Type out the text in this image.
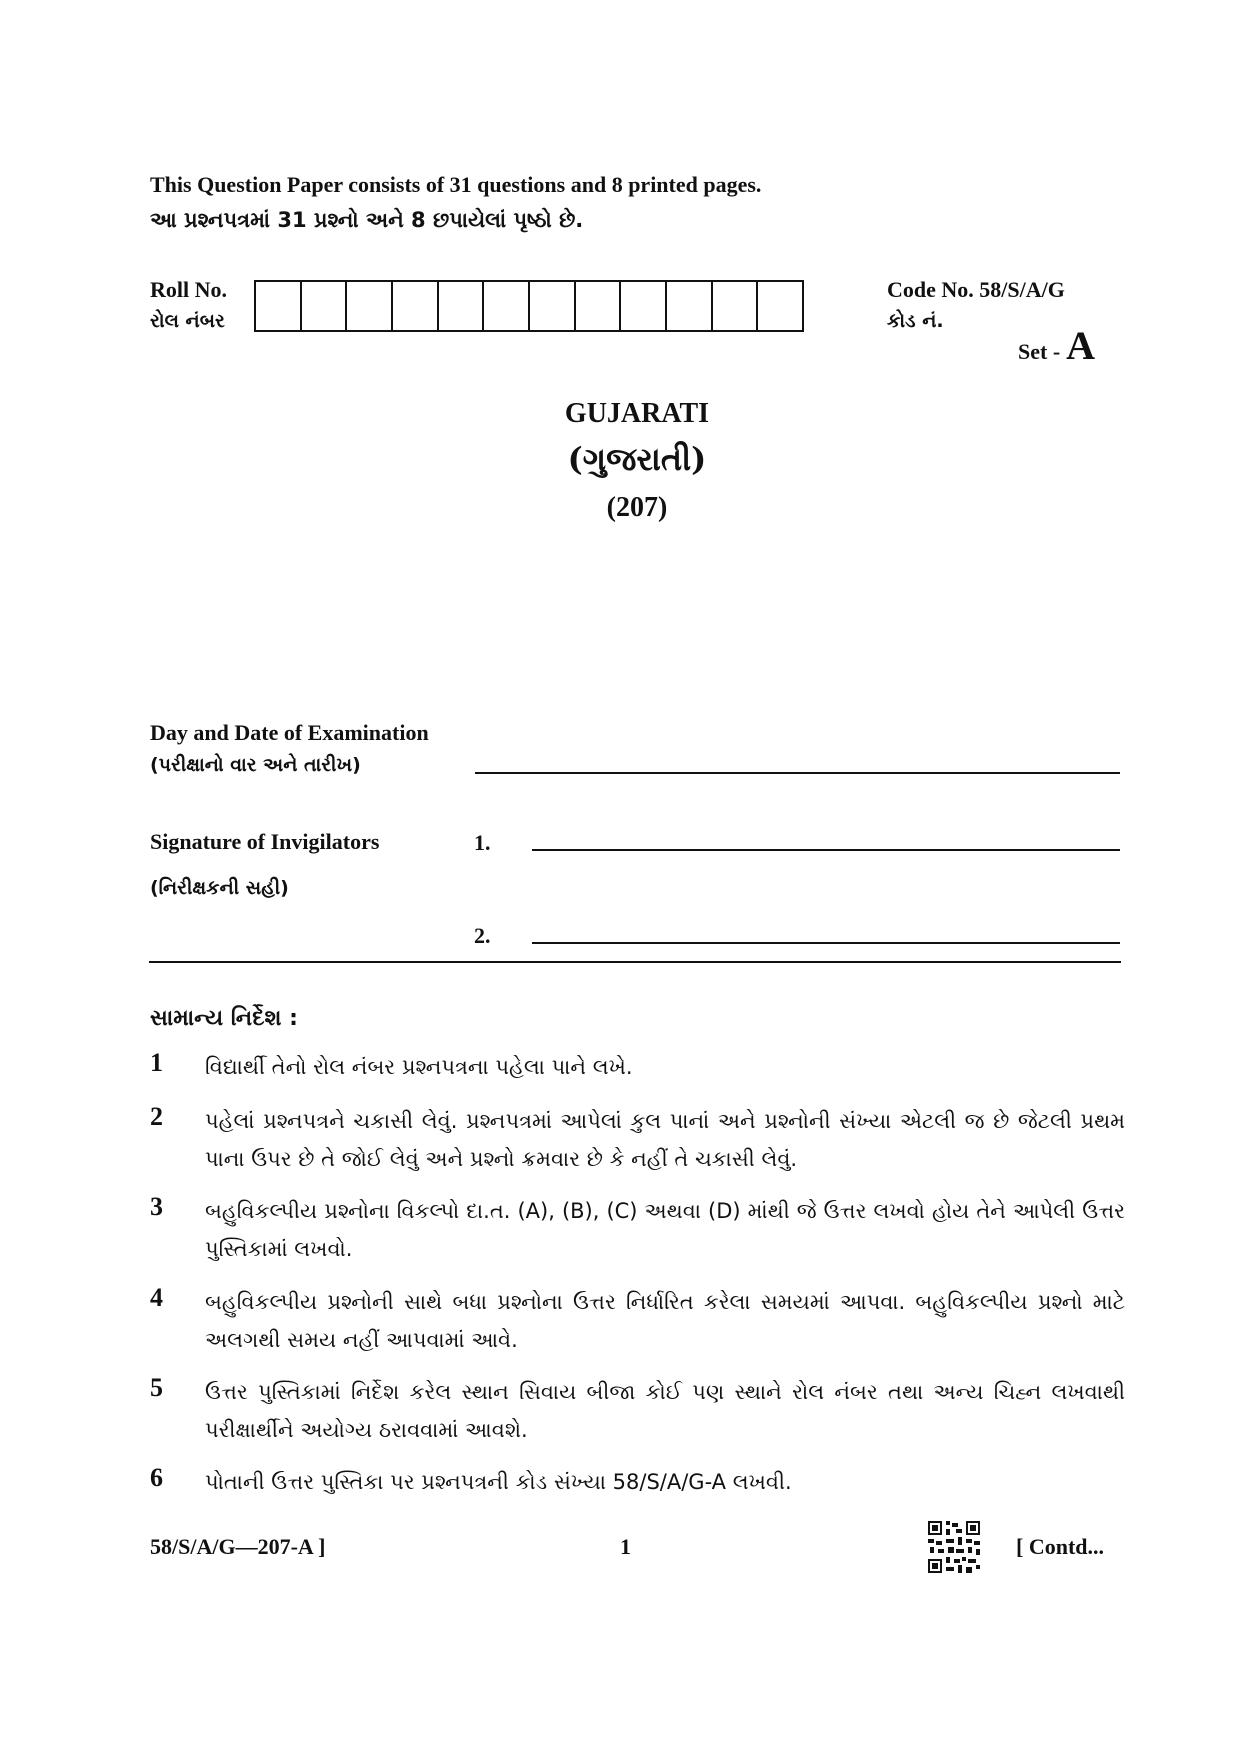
This Question Paper consists of 31 questions and 8 printed pages.
આ પ્રશ્નપત્રમાં 31 પ્રશ્નો અને 8 છપાયેલાં પૃષ્ઠો છે.
Roll No.
રોલ નંબર
Code No. 58/S/A/G
કોડ નં.
Set - A
GUJARATI
(ગુજરાતી)
(207)
Day and Date of Examination
(પરીક્ષાનો વાર અને તારીખ)
Signature of Invigilators
(નિરીક્ષકની સહી)
1.
2.
સામાન્ય નિર્દેશ :
1	વિદ્યાર્થી તેનો રોલ નંબર પ્રશ્નપત્રના પહેલા પાને લખે.
2	પહેલાં પ્રશ્નપત્રને ચકાસી લેવું. પ્રશ્નપત્રમાં આપેલાં કુલ પાનાં અને પ્રશ્નોની સંખ્યા એટલી જ છે જેટલી પ્રથમ પાના ઉપર છે તે જોઈ લેવું અને પ્રશ્નો ક્રમવાર છે કે નહીં તે ચકાસી લેવું.
3	બહુવિકલ્પીય પ્રશ્નોના વિકલ્પો દા.ત. (A), (B), (C) અથવા (D) માંથી જે ઉત્તર લખવો હોય તેને આપેલી ઉત્તર પુસ્તિકામાં લખવો.
4	બહુવિકલ્પીય પ્રશ્નોની સાથે બધા પ્રશ્નોના ઉત્તર નિર્ધારિત કરેલા સમયમાં આપવા. બહુવિકલ્પીય પ્રશ્નો માટે અલગથી સમય નહીં આપવામાં આવે.
5	ઉત્તર પુસ્તિકામાં નિર્દેશ કરેલ સ્થાન સિવાય બીજા કોઈ પણ સ્થાને રોલ નંબર તથા અન્ય ચિહ્ન લખવાથી પરીક્ષાર્થીને અયોગ્ય ઠરાવવામાં આવશે.
6	પોતાની ઉત્તર પુસ્તિકા પર પ્રશ્નપત્રની કોડ સંખ્યા 58/S/A/G-A લખવી.
58/S/A/G—207-A ]	1	[ Contd...
